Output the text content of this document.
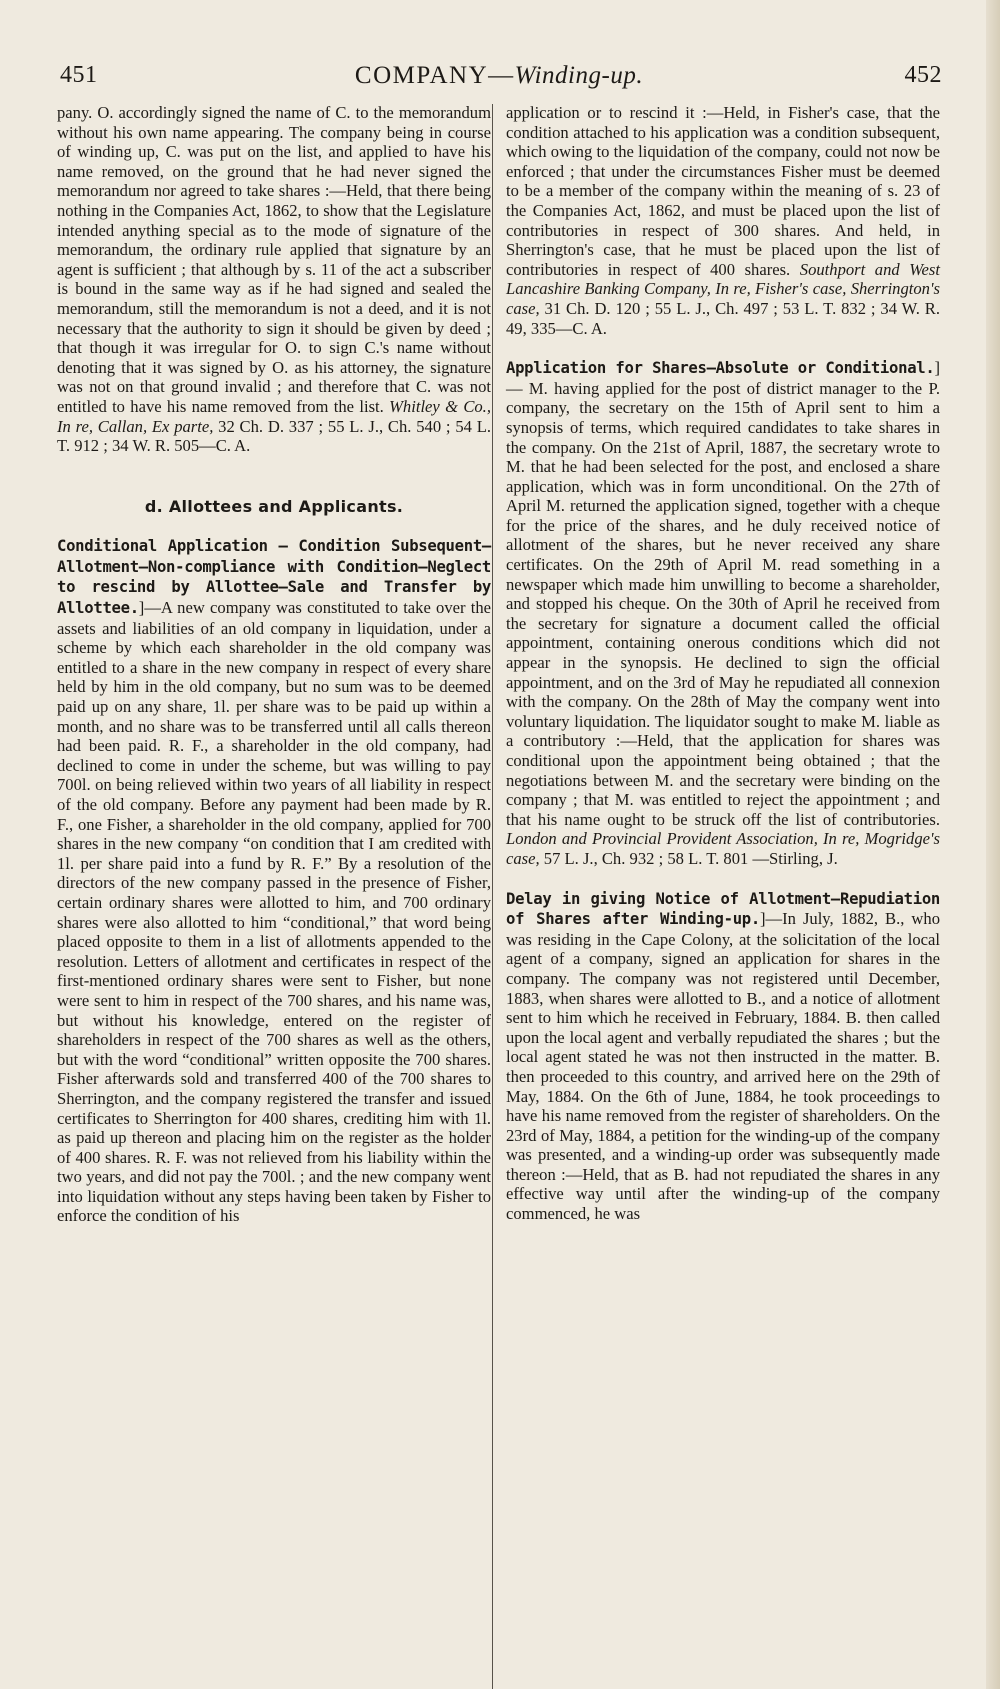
451	COMPANY—Winding-up.	452

pany. O. accordingly signed the name of C. to the memorandum without his own name appearing. The company being in course of winding up, C. was put on the list, and applied to have his name removed, on the ground that he had never signed the memorandum nor agreed to take shares :—Held, that there being nothing in the Companies Act, 1862, to show that the Legislature intended anything special as to the mode of signature of the memorandum, the ordinary rule applied that signature by an agent is sufficient ; that although by s. 11 of the act a subscriber is bound in the same way as if he had signed and sealed the memorandum, still the memorandum is not a deed, and it is not necessary that the authority to sign it should be given by deed ; that though it was irregular for O. to sign C.'s name without denoting that it was signed by O. as his attorney, the signature was not on that ground invalid ; and therefore that C. was not entitled to have his name removed from the list. Whitley & Co., In re, Callan, Ex parte, 32 Ch. D. 337 ; 55 L. J., Ch. 540 ; 54 L. T. 912 ; 34 W. R. 505—C. A.

d. Allottees and Applicants.

Conditional Application — Condition Subsequent—Allotment—Non-compliance with Condition—Neglect to rescind by Allottee—Sale and Transfer by Allottee.]—A new company was constituted to take over the assets and liabilities of an old company in liquidation, under a scheme by which each shareholder in the old company was entitled to a share in the new company in respect of every share held by him in the old company, but no sum was to be deemed paid up on any share, 1l. per share was to be paid up within a month, and no share was to be transferred until all calls thereon had been paid. R. F., a shareholder in the old company, had declined to come in under the scheme, but was willing to pay 700l. on being relieved within two years of all liability in respect of the old company. Before any payment had been made by R. F., one Fisher, a shareholder in the old company, applied for 700 shares in the new company “on condition that I am credited with 1l. per share paid into a fund by R. F.” By a resolution of the directors of the new company passed in the presence of Fisher, certain ordinary shares were allotted to him, and 700 ordinary shares were also allotted to him “conditional,” that word being placed opposite to them in a list of allotments appended to the resolution. Letters of allotment and certificates in respect of the first-mentioned ordinary shares were sent to Fisher, but none were sent to him in respect of the 700 shares, and his name was, but without his knowledge, entered on the register of shareholders in respect of the 700 shares as well as the others, but with the word “conditional” written opposite the 700 shares. Fisher afterwards sold and transferred 400 of the 700 shares to Sherrington, and the company registered the transfer and issued certificates to Sherrington for 400 shares, crediting him with 1l. as paid up thereon and placing him on the register as the holder of 400 shares. R. F. was not relieved from his liability within the two years, and did not pay the 700l. ; and the new company went into liquidation without any steps having been taken by Fisher to enforce the condition of his

application or to rescind it :—Held, in Fisher's case, that the condition attached to his application was a condition subsequent, which owing to the liquidation of the company, could not now be enforced ; that under the circumstances Fisher must be deemed to be a member of the company within the meaning of s. 23 of the Companies Act, 1862, and must be placed upon the list of contributories in respect of 300 shares. And held, in Sherrington's case, that he must be placed upon the list of contributories in respect of 400 shares. Southport and West Lancashire Banking Company, In re, Fisher's case, Sherrington's case, 31 Ch. D. 120 ; 55 L. J., Ch. 497 ; 53 L. T. 832 ; 34 W. R. 49, 335—C. A.

Application for Shares—Absolute or Conditional.] — M. having applied for the post of district manager to the P. company, the secretary on the 15th of April sent to him a synopsis of terms, which required candidates to take shares in the company. On the 21st of April, 1887, the secretary wrote to M. that he had been selected for the post, and enclosed a share application, which was in form unconditional. On the 27th of April M. returned the application signed, together with a cheque for the price of the shares, and he duly received notice of allotment of the shares, but he never received any share certificates. On the 29th of April M. read something in a newspaper which made him unwilling to become a shareholder, and stopped his cheque. On the 30th of April he received from the secretary for signature a document called the official appointment, containing onerous conditions which did not appear in the synopsis. He declined to sign the official appointment, and on the 3rd of May he repudiated all connexion with the company. On the 28th of May the company went into voluntary liquidation. The liquidator sought to make M. liable as a contributory :—Held, that the application for shares was conditional upon the appointment being obtained ; that the negotiations between M. and the secretary were binding on the company ; that M. was entitled to reject the appointment ; and that his name ought to be struck off the list of contributories. London and Provincial Provident Association, In re, Mogridge's case, 57 L. J., Ch. 932 ; 58 L. T. 801 —Stirling, J.

Delay in giving Notice of Allotment—Repudiation of Shares after Winding-up.]—In July, 1882, B., who was residing in the Cape Colony, at the solicitation of the local agent of a company, signed an application for shares in the company. The company was not registered until December, 1883, when shares were allotted to B., and a notice of allotment sent to him which he received in February, 1884. B. then called upon the local agent and verbally repudiated the shares ; but the local agent stated he was not then instructed in the matter. B. then proceeded to this country, and arrived here on the 29th of May, 1884. On the 6th of June, 1884, he took proceedings to have his name removed from the register of shareholders. On the 23rd of May, 1884, a petition for the winding-up of the company was presented, and a winding-up order was subsequently made thereon :—Held, that as B. had not repudiated the shares in any effective way until after the winding-up of the company commenced, he was
